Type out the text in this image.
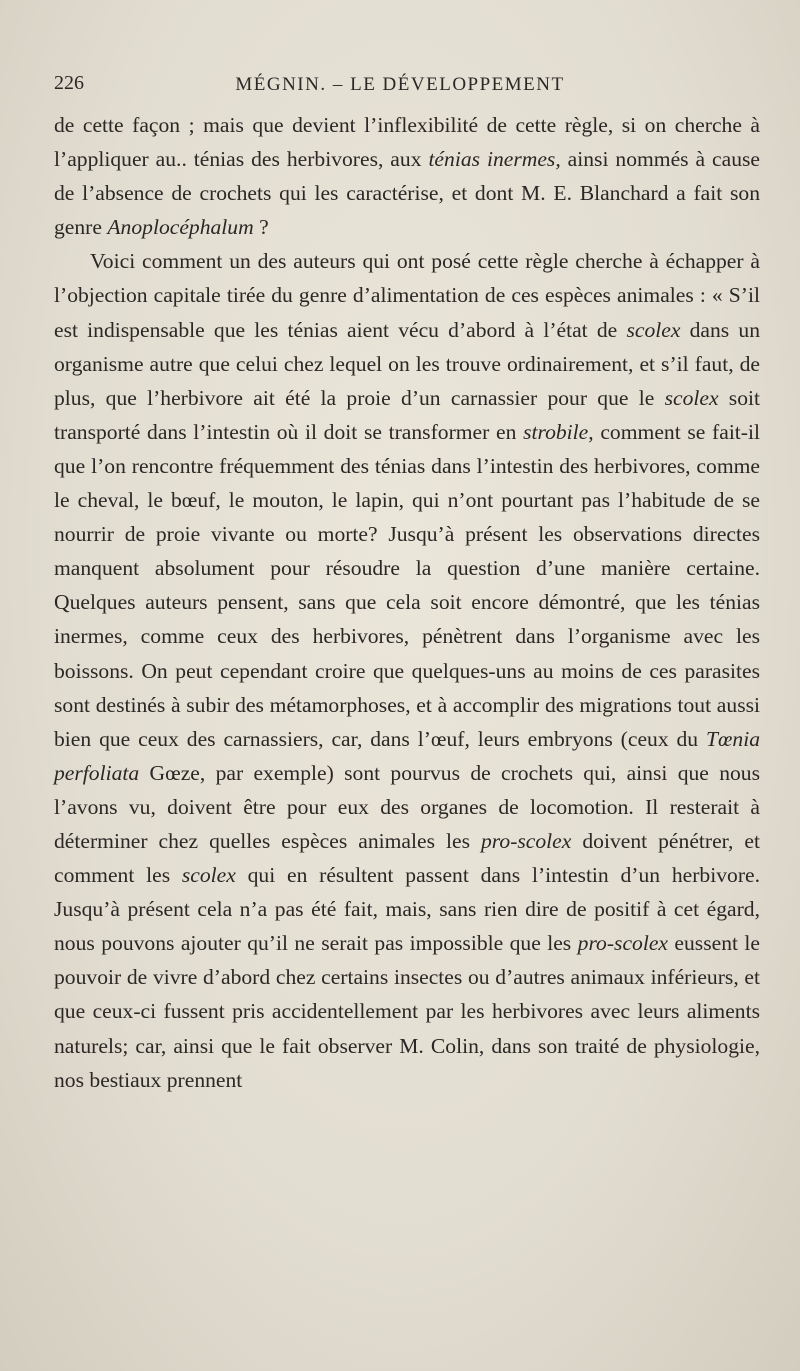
226	MÉGNIN. – LE DÉVELOPPEMENT

de cette façon ; mais que devient l’inflexibilité de cette règle, si on cherche à l’appliquer au.. ténias des herbivores, aux ténias inermes, ainsi nommés à cause de l’absence de crochets qui les caractérise, et dont M. E. Blanchard a fait son genre Anoplocéphalum ?

Voici comment un des auteurs qui ont posé cette règle cherche à échapper à l’objection capitale tirée du genre d’alimentation de ces espèces animales : « S’il est indispensable que les ténias aient vécu d’abord à l’état de scolex dans un organisme autre que celui chez lequel on les trouve ordinairement, et s’il faut, de plus, que l’herbivore ait été la proie d’un carnassier pour que le scolex soit transporté dans l’intestin où il doit se transformer en strobile, comment se fait-il que l’on rencontre fréquemment des ténias dans l’intestin des herbivores, comme le cheval, le bœuf, le mouton, le lapin, qui n’ont pourtant pas l’habitude de se nourrir de proie vivante ou morte? Jusqu’à présent les observations directes manquent absolument pour résoudre la question d’une manière certaine. Quelques auteurs pensent, sans que cela soit encore démontré, que les ténias inermes, comme ceux des herbivores, pénètrent dans l’organisme avec les boissons. On peut cependant croire que quelques-uns au moins de ces parasites sont destinés à subir des métamorphoses, et à accomplir des migrations tout aussi bien que ceux des carnassiers, car, dans l’œuf, leurs embryons (ceux du Tœnia perfoliata Gœze, par exemple) sont pourvus de crochets qui, ainsi que nous l’avons vu, doivent être pour eux des organes de locomotion. Il resterait à déterminer chez quelles espèces animales les pro-scolex doivent pénétrer, et comment les scolex qui en résultent passent dans l’intestin d’un herbivore. Jusqu’à présent cela n’a pas été fait, mais, sans rien dire de positif à cet égard, nous pouvons ajouter qu’il ne serait pas impossible que les pro-scolex eussent le pouvoir de vivre d’abord chez certains insectes ou d’autres animaux inférieurs, et que ceux-ci fussent pris accidentellement par les herbivores avec leurs aliments naturels; car, ainsi que le fait observer M. Colin, dans son traité de physiologie, nos bestiaux prennent
